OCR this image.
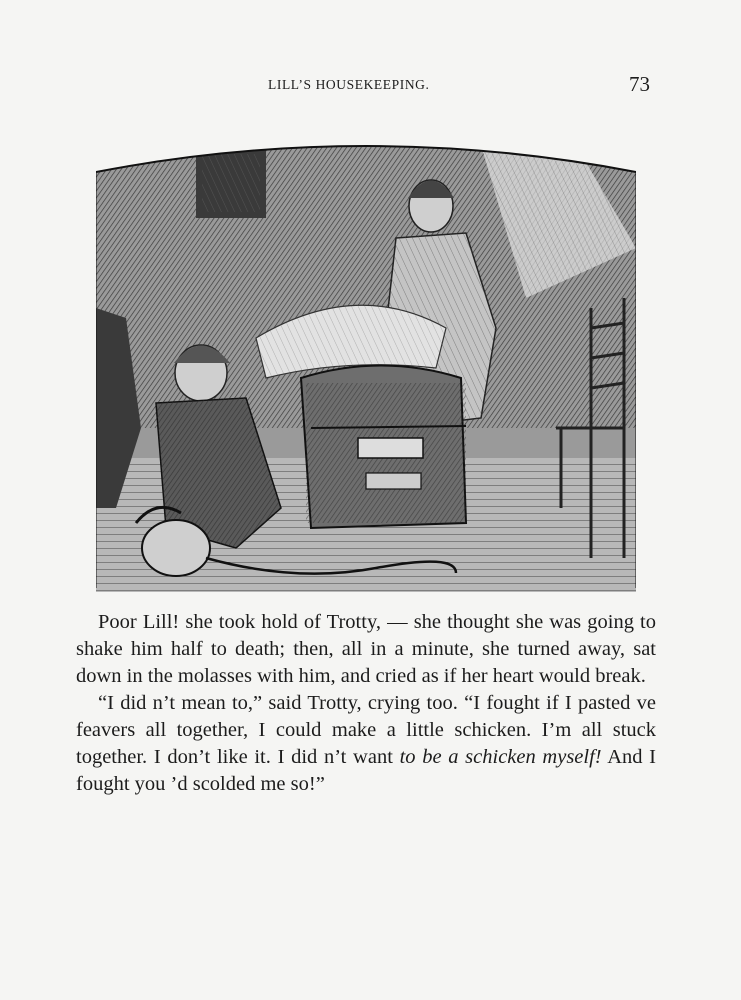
LILL’S HOUSEKEEPING.	73

Poor Lill! she took hold of Trotty, — she thought she was going to shake him half to death; then, all in a minute, she turned away, sat down in the molasses with him, and cried as if her heart would break.

“I did n’t mean to,” said Trotty, crying too. “I fought if I pasted ve feavers all together, I could make a little schicken. I’m all stuck together. I don’t like it. I did n’t want to be a schicken myself! And I fought you ’d scolded me so!”
